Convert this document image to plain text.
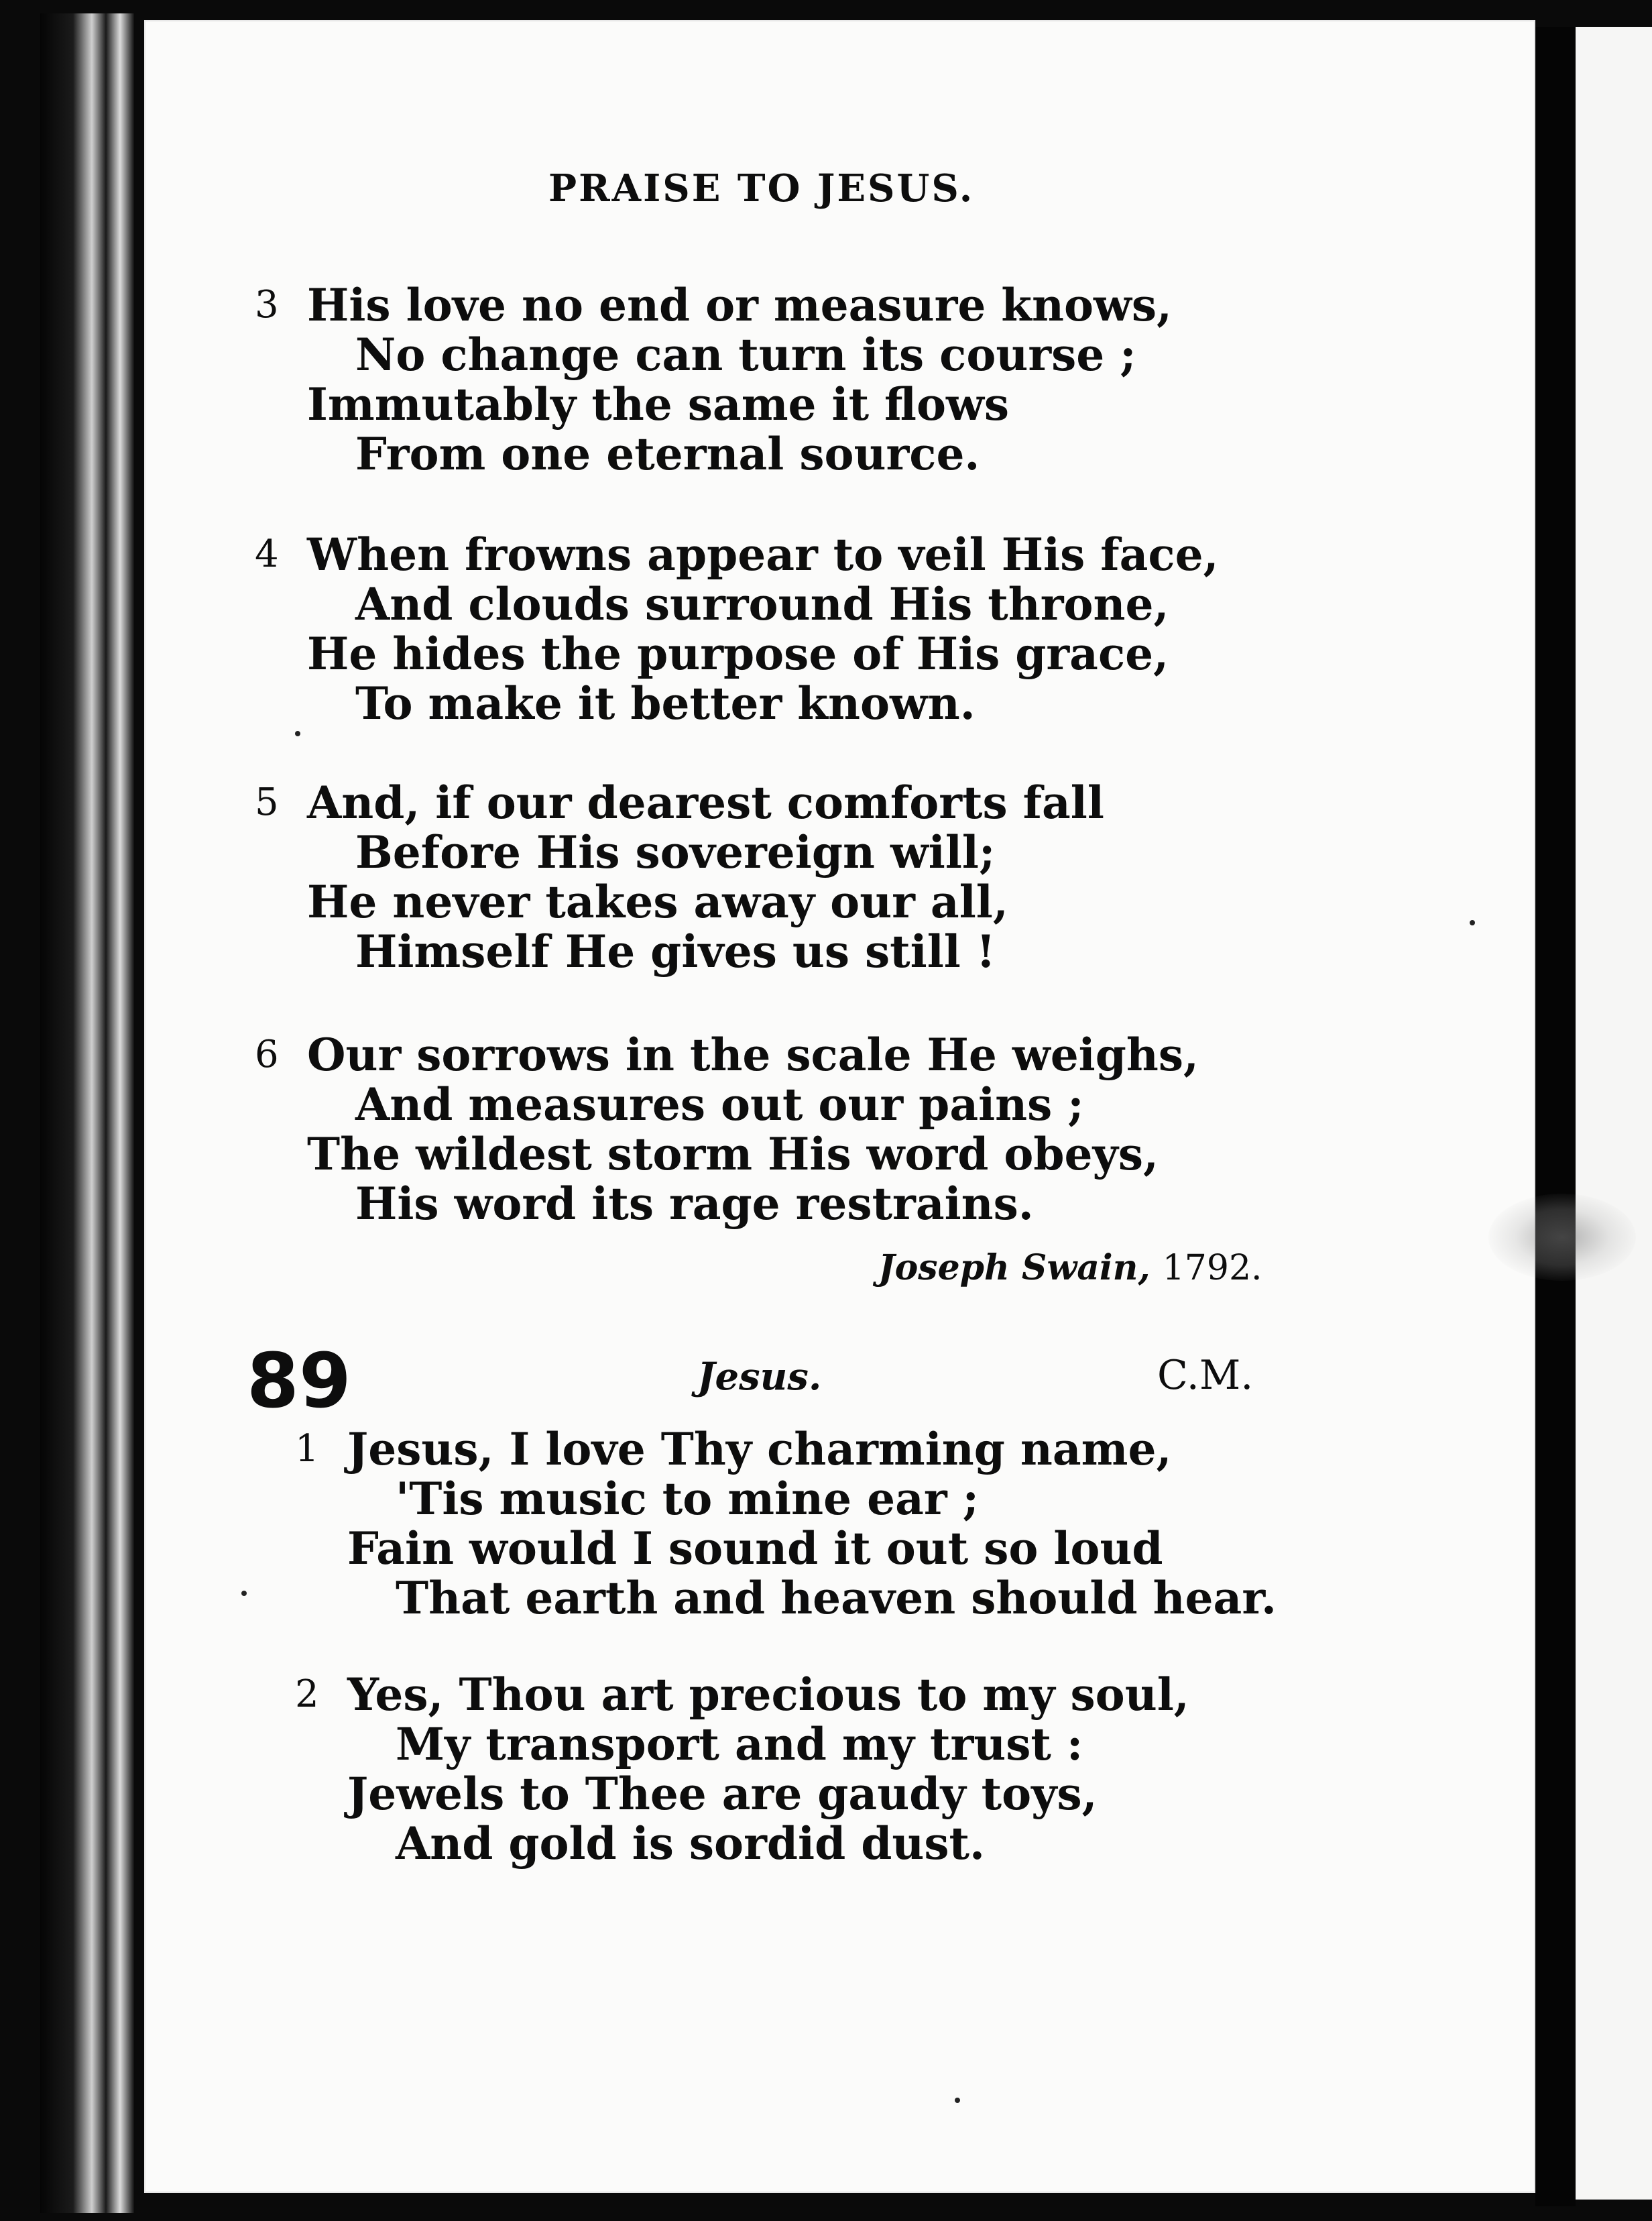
PRAISE TO JESUS.
3 His love no end or measure knows,
No change can turn its course ;
Immutably the same it flows
From one eternal source.
4 When frowns appear to veil His face,
And clouds surround His throne,
He hides the purpose of His grace,
To make it better known.
5 And, if our dearest comforts fall
Before His sovereign will;
He never takes away our all,
Himself He gives us still !
6 Our sorrows in the scale He weighs,
And measures out our pains ;
The wildest storm His word obeys,
His word its rage restrains.
Joseph Swain, 1792.
89	Jesus.	C.M.
1 Jesus, I love Thy charming name,
'Tis music to mine ear ;
Fain would I sound it out so loud
That earth and heaven should hear.
2 Yes, Thou art precious to my soul,
My transport and my trust :
Jewels to Thee are gaudy toys,
And gold is sordid dust.
